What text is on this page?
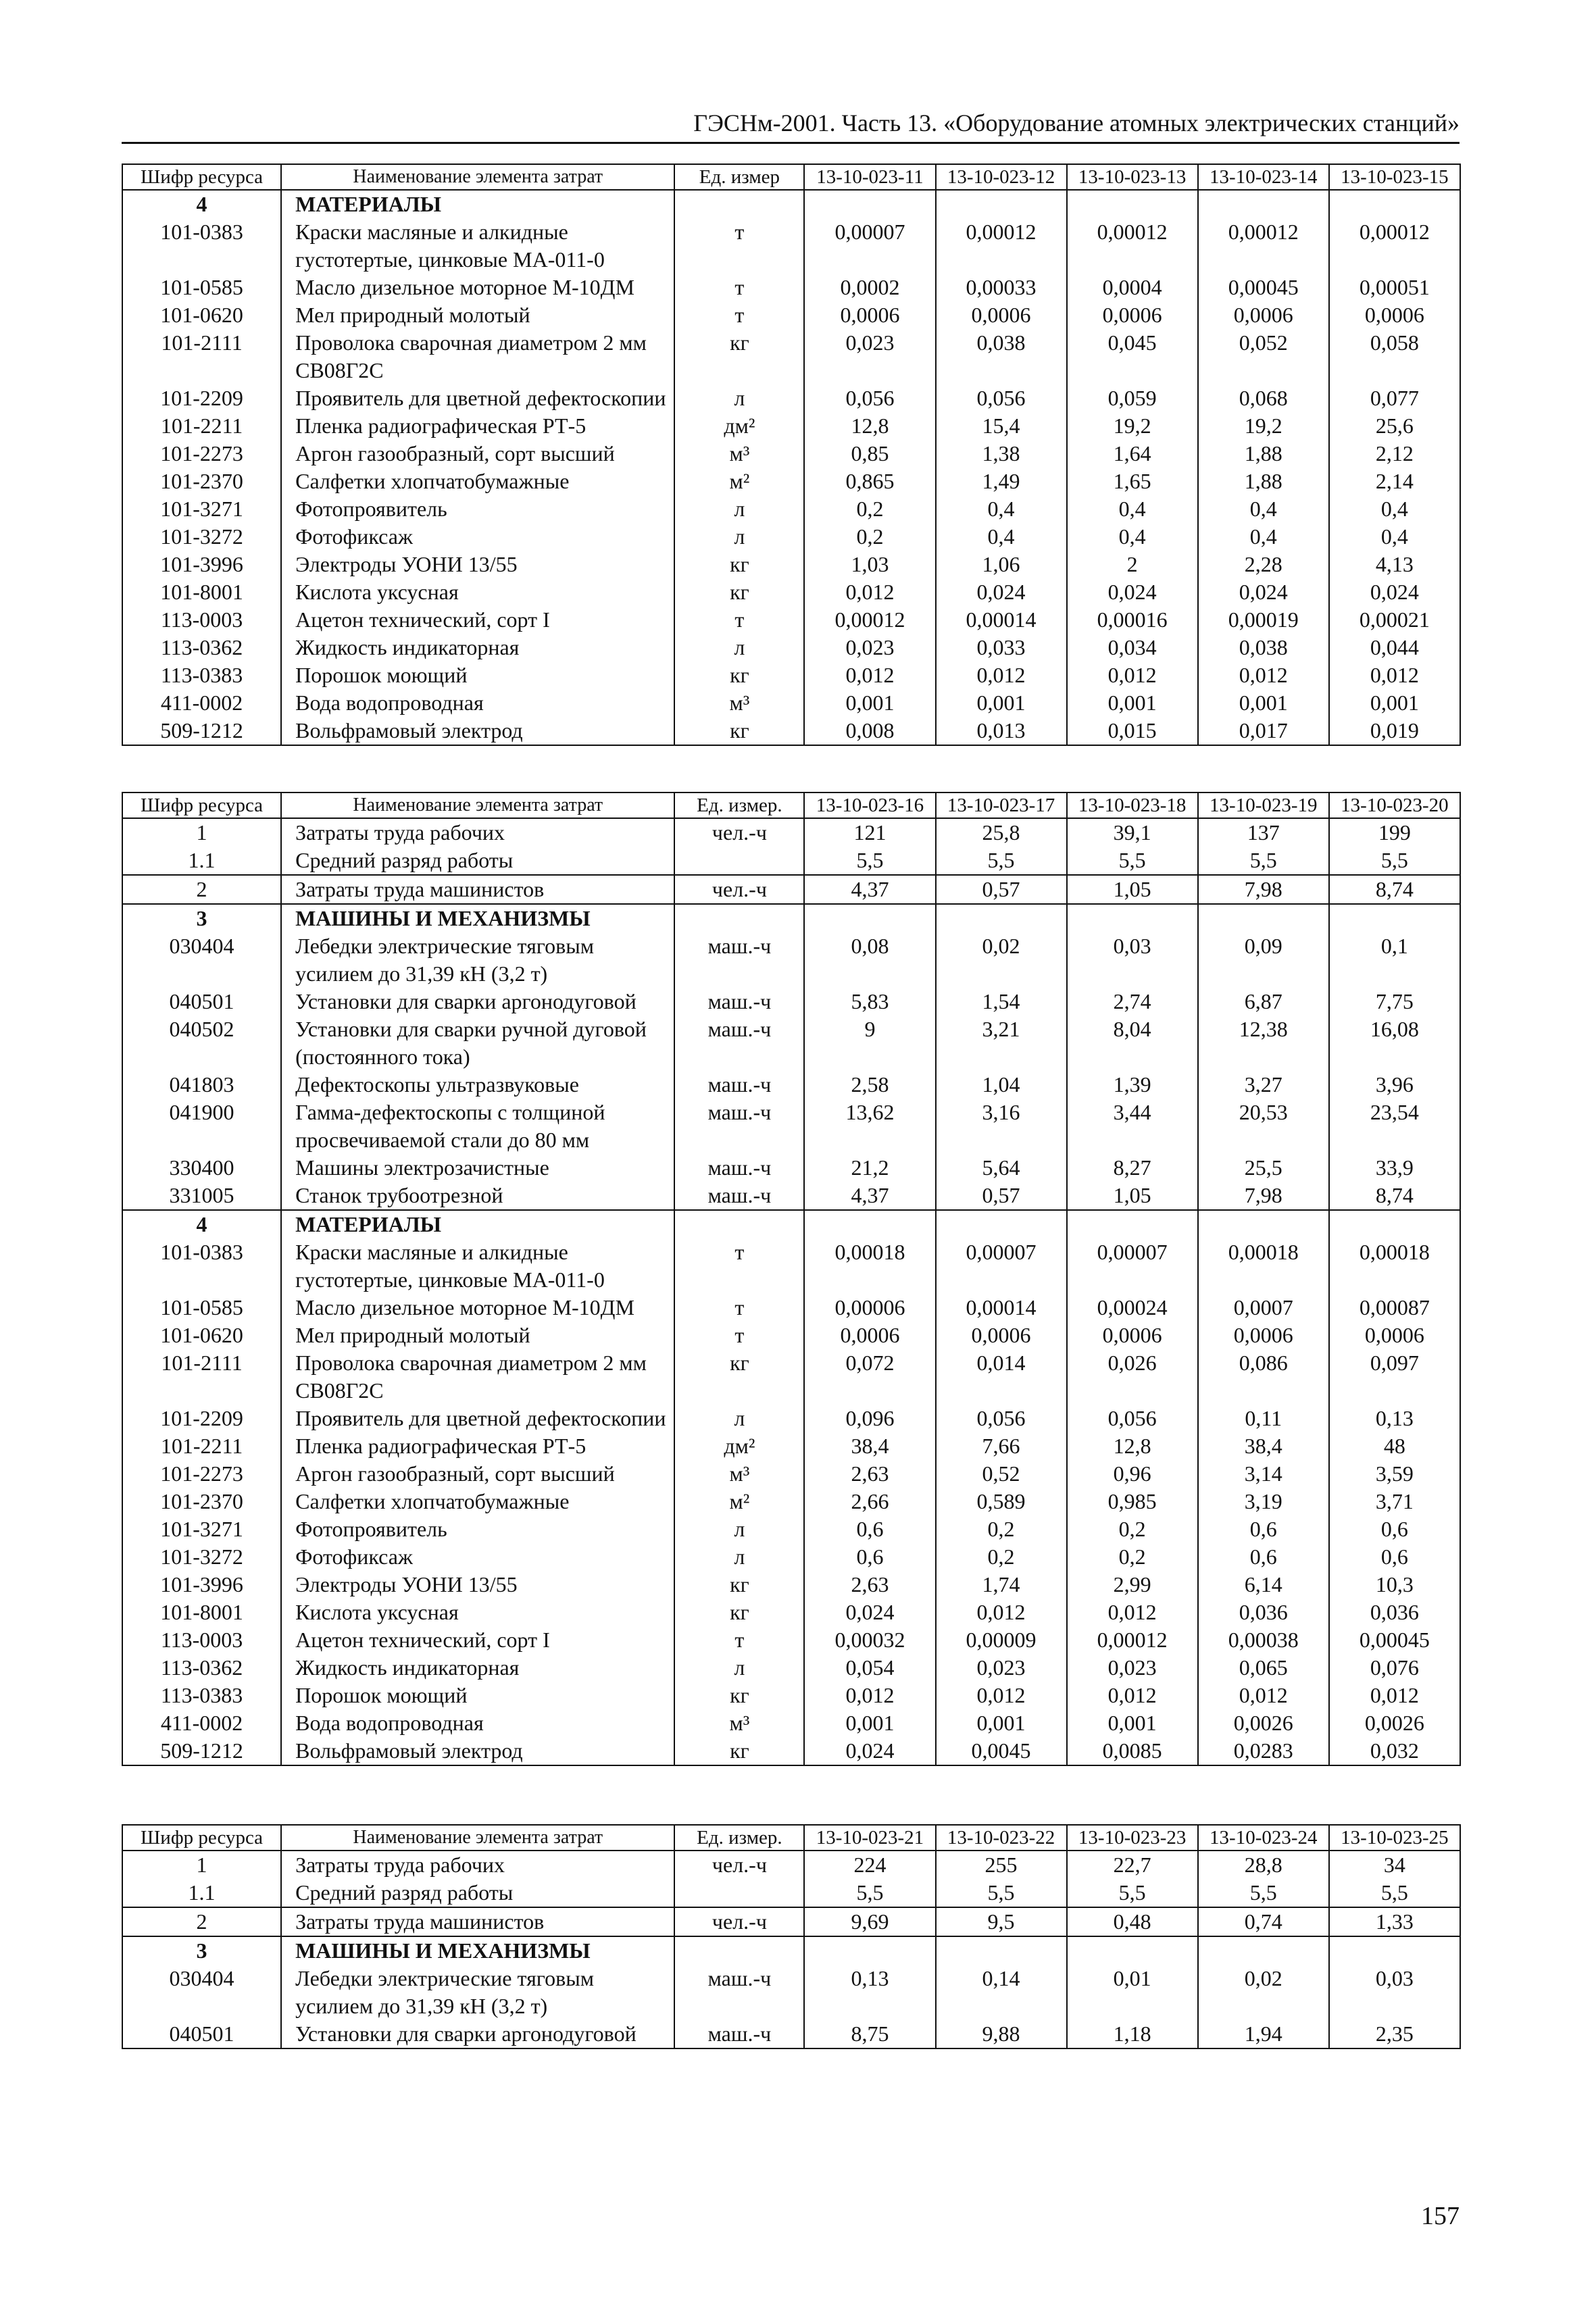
ГЭСНм-2001. Часть 13. «Оборудование атомных электрических станций»
Шифр ресурса	Наименование элемента затрат	Ед. измер	13-10-023-11	13-10-023-12	13-10-023-13	13-10-023-14	13-10-023-15
4	МАТЕРИАЛЫ						
101-0383	Краски масляные и алкидные густотертые, цинковые МА-011-0	т	0,00007	0,00012	0,00012	0,00012	0,00012
101-0585	Масло дизельное моторное М-10ДМ	т	0,0002	0,00033	0,0004	0,00045	0,00051
101-0620	Мел природный молотый	т	0,0006	0,0006	0,0006	0,0006	0,0006
101-2111	Проволока сварочная диаметром 2 мм СВ08Г2С	кг	0,023	0,038	0,045	0,052	0,058
101-2209	Проявитель для цветной дефектоскопии	л	0,056	0,056	0,059	0,068	0,077
101-2211	Пленка радиографическая РТ-5	дм²	12,8	15,4	19,2	19,2	25,6
101-2273	Аргон газообразный, сорт высший	м³	0,85	1,38	1,64	1,88	2,12
101-2370	Салфетки хлопчатобумажные	м²	0,865	1,49	1,65	1,88	2,14
101-3271	Фотопроявитель	л	0,2	0,4	0,4	0,4	0,4
101-3272	Фотофиксаж	л	0,2	0,4	0,4	0,4	0,4
101-3996	Электроды УОНИ 13/55	кг	1,03	1,06	2	2,28	4,13
101-8001	Кислота уксусная	кг	0,012	0,024	0,024	0,024	0,024
113-0003	Ацетон технический, сорт I	т	0,00012	0,00014	0,00016	0,00019	0,00021
113-0362	Жидкость индикаторная	л	0,023	0,033	0,034	0,038	0,044
113-0383	Порошок моющий	кг	0,012	0,012	0,012	0,012	0,012
411-0002	Вода водопроводная	м³	0,001	0,001	0,001	0,001	0,001
509-1212	Вольфрамовый электрод	кг	0,008	0,013	0,015	0,017	0,019
Шифр ресурса	Наименование элемента затрат	Ед. измер.	13-10-023-16	13-10-023-17	13-10-023-18	13-10-023-19	13-10-023-20
1	Затраты труда рабочих	чел.-ч	121	25,8	39,1	137	199
1.1	Средний разряд работы		5,5	5,5	5,5	5,5	5,5
2	Затраты труда машинистов	чел.-ч	4,37	0,57	1,05	7,98	8,74
3	МАШИНЫ И МЕХАНИЗМЫ						
030404	Лебедки электрические тяговым усилием до 31,39 кН (3,2 т)	маш.-ч	0,08	0,02	0,03	0,09	0,1
040501	Установки для сварки аргонодуговой	маш.-ч	5,83	1,54	2,74	6,87	7,75
040502	Установки для сварки ручной дуговой (постоянного тока)	маш.-ч	9	3,21	8,04	12,38	16,08
041803	Дефектоскопы ультразвуковые	маш.-ч	2,58	1,04	1,39	3,27	3,96
041900	Гамма-дефектоскопы с толщиной просвечиваемой стали до 80 мм	маш.-ч	13,62	3,16	3,44	20,53	23,54
330400	Машины электрозачистные	маш.-ч	21,2	5,64	8,27	25,5	33,9
331005	Станок трубоотрезной	маш.-ч	4,37	0,57	1,05	7,98	8,74
4	МАТЕРИАЛЫ						
101-0383	Краски масляные и алкидные густотертые, цинковые МА-011-0	т	0,00018	0,00007	0,00007	0,00018	0,00018
101-0585	Масло дизельное моторное М-10ДМ	т	0,00006	0,00014	0,00024	0,0007	0,00087
101-0620	Мел природный молотый	т	0,0006	0,0006	0,0006	0,0006	0,0006
101-2111	Проволока сварочная диаметром 2 мм СВ08Г2С	кг	0,072	0,014	0,026	0,086	0,097
101-2209	Проявитель для цветной дефектоскопии	л	0,096	0,056	0,056	0,11	0,13
101-2211	Пленка радиографическая РТ-5	дм²	38,4	7,66	12,8	38,4	48
101-2273	Аргон газообразный, сорт высший	м³	2,63	0,52	0,96	3,14	3,59
101-2370	Салфетки хлопчатобумажные	м²	2,66	0,589	0,985	3,19	3,71
101-3271	Фотопроявитель	л	0,6	0,2	0,2	0,6	0,6
101-3272	Фотофиксаж	л	0,6	0,2	0,2	0,6	0,6
101-3996	Электроды УОНИ 13/55	кг	2,63	1,74	2,99	6,14	10,3
101-8001	Кислота уксусная	кг	0,024	0,012	0,012	0,036	0,036
113-0003	Ацетон технический, сорт I	т	0,00032	0,00009	0,00012	0,00038	0,00045
113-0362	Жидкость индикаторная	л	0,054	0,023	0,023	0,065	0,076
113-0383	Порошок моющий	кг	0,012	0,012	0,012	0,012	0,012
411-0002	Вода водопроводная	м³	0,001	0,001	0,001	0,0026	0,0026
509-1212	Вольфрамовый электрод	кг	0,024	0,0045	0,0085	0,0283	0,032
Шифр ресурса	Наименование элемента затрат	Ед. измер.	13-10-023-21	13-10-023-22	13-10-023-23	13-10-023-24	13-10-023-25
1	Затраты труда рабочих	чел.-ч	224	255	22,7	28,8	34
1.1	Средний разряд работы		5,5	5,5	5,5	5,5	5,5
2	Затраты труда машинистов	чел.-ч	9,69	9,5	0,48	0,74	1,33
3	МАШИНЫ И МЕХАНИЗМЫ						
030404	Лебедки электрические тяговым усилием до 31,39 кН (3,2 т)	маш.-ч	0,13	0,14	0,01	0,02	0,03
040501	Установки для сварки аргонодуговой	маш.-ч	8,75	9,88	1,18	1,94	2,35
157
